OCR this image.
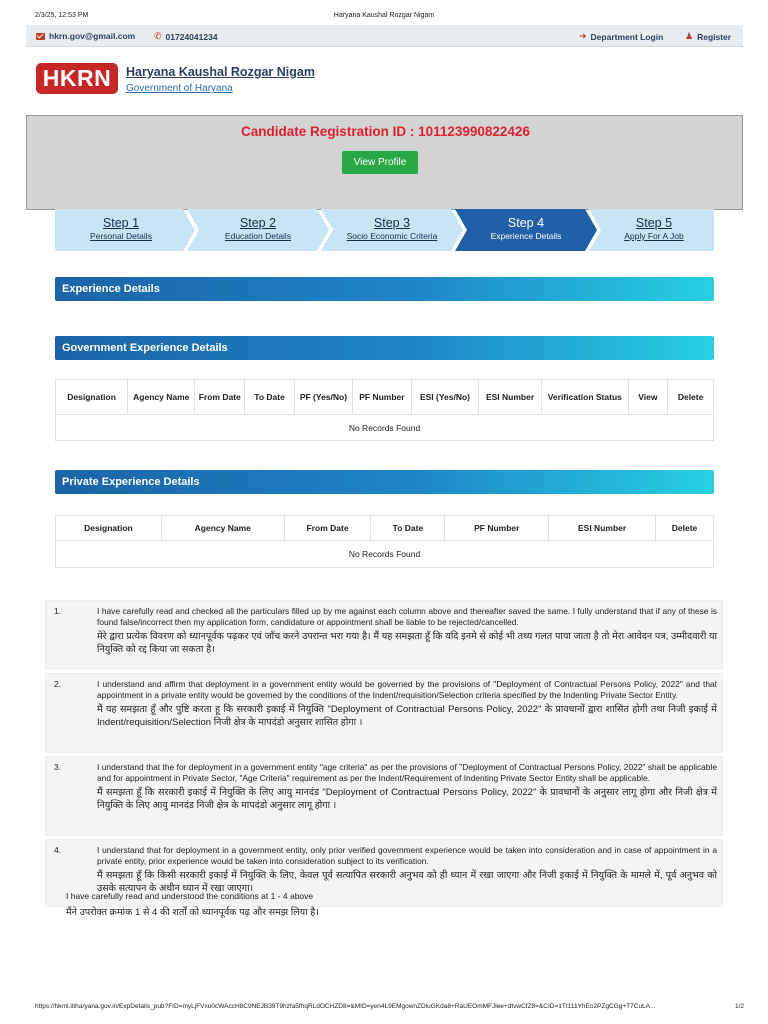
2/3/25, 12:53 PM	Haryana Kaushal Rozgar Nigam
hkrn.gov@gmail.com ✆ 01724041234	➜ Department Login ♟ Register
HKRN	Haryana Kaushal Rozgar Nigam
Government of Haryana
Candidate Registration ID : 101123990822426
View Profile
Step 1
Personal Details
Step 2
Education Details
Step 3
Socio Economic Criteria
Step 4
Experience Details
Step 5
Apply For A Job
Experience Details
Government Experience Details
Designation	Agency Name	From Date	To Date	PF (Yes/No)	PF Number	ESI (Yes/No)	ESI Number	Verification Status	View	Delete
No Records Found
Private Experience Details
Designation	Agency Name	From Date	To Date	PF Number	ESI Number	Delete
No Records Found
1.	I have carefully read and checked all the particulars filled up by me against each column above and thereafter saved the same. I fully understand that if any of these is found false/incorrect then my application form, candidature or appointment shall be liable to be rejected/cancelled.
मेरे द्वारा प्रत्येक विवरण को ध्यानपूर्वक पढ़कर एवं जाँच करने उपरान्त भरा गया है। मैं यह समझता हूँ कि यदि इनमे से कोई भी तथ्य गलत पाया जाता है तो मेरा आवेदन पत्र, उम्मीदवारी या नियुक्ति को रद्द किया जा सकता है।
2.	I understand and affirm that deployment in a government entity would be governed by the provisions of "Deployment of Contractual Persons Policy, 2022" and that appointment in a private entity would be governed by the conditions of the Indent/requisition/Selection criteria specified by the Indenting Private Sector Entity.
मैं यह समझता हूँ और पुष्टि करता हू कि सरकारी इकाई में नियुक्ति "Deployment of Contractual Persons Policy, 2022" के प्रावधानों द्वारा शासित होगी तथा निजी इकाई में Indent/requisition/Selection निजी क्षेत्र के मापदंडो अनुसार शासित होगा ।
3.	I understand that the for deployment in a government entity "age criteria" as per the provisions of "Deployment of Contractual Persons Policy, 2022" shall be applicable and for appointment in Private Sector, "Age Criteria" requirement as per the Indent/Requirement of Indenting Private Sector Entity shall be applicable.
मैं समझता हूँ कि सरकारी इकाई में नियुक्ति के लिए आयु मानदंड "Deployment of Contractual Persons Policy, 2022" के प्रावधानों के अनुसार लागू होगा और निजी क्षेत्र में नियुक्ति के लिए आयु मानदंड निजी क्षेत्र के मापदंडो अनुसार लागू होगा ।
4.	I understand that for deployment in a government entity, only prior verified government experience would be taken into consideration and in case of appointment in a private entity, prior experience would be taken into consideration subject to its verification.
मैं समझता हूँ कि किसी सरकारी इकाई में नियुक्ति के लिए, केवल पूर्व सत्यापित सरकारी अनुभव को ही ध्यान में रखा जाएगा और निजी इकाई में नियुक्ति के मामले में, पूर्व अनुभव को उसके सत्यापन के अधीन ध्यान में रखा जाएगा।
I have carefully read and understood the conditions at 1 - 4 above
मैंने उपरोक्त क्रमांक 1 से 4 की शर्तों को ध्यानपूर्वक पढ़ और समझ लिया है।
https://hkrnl.itiharyana.gov.in/ExpDetails_pub?FID=myLjFVxu0cWAccH8C9NEJB39T9hzfa5fhqRLdOCHZD8=&MID=yen4L9EMgownZDluGKda8+RaUEOmMFJlee+dtvwCfZ8=&CID=1Tt111YhEo2PZgCGg+T7CuLA...	1/2
